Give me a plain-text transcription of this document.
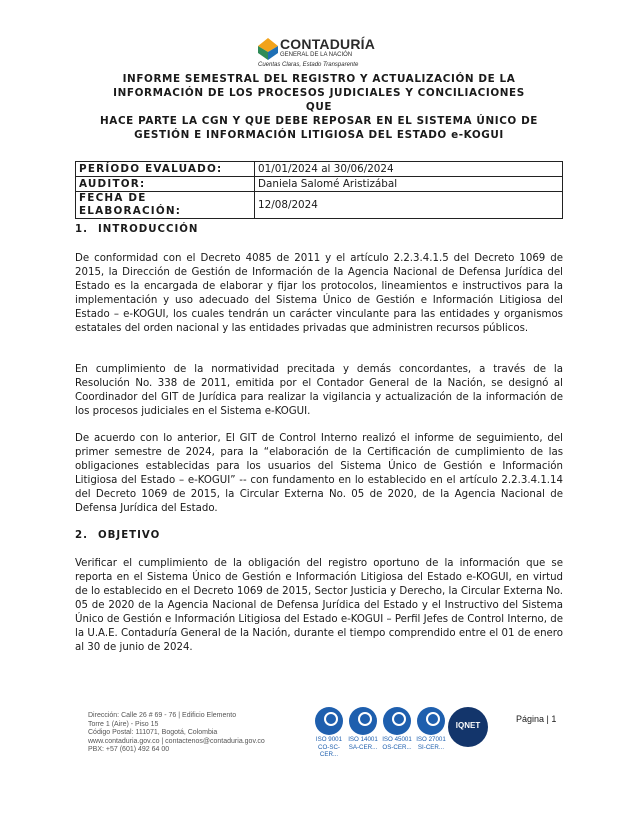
CONTADURÍA
GENERAL DE LA NACIÓN
Cuentas Claras, Estado Transparente
INFORME SEMESTRAL DEL REGISTRO Y ACTUALIZACIÓN DE LA
INFORMACIÓN DE LOS PROCESOS JUDICIALES Y CONCILIACIONES QUE
HACE PARTE LA CGN Y QUE DEBE REPOSAR EN EL SISTEMA ÚNICO DE
GESTIÓN E INFORMACIÓN LITIGIOSA DEL ESTADO e-KOGUI
PERÍODO EVALUADO:	01/01/2024 al 30/06/2024
AUDITOR:	Daniela Salomé Aristizábal
FECHA DE ELABORACIÓN:	12/08/2024
1. INTRODUCCIÓN

De conformidad con el Decreto 4085 de 2011 y el artículo 2.2.3.4.1.5 del Decreto 1069 de 2015, la Dirección de Gestión de Información de la Agencia Nacional de Defensa Jurídica del Estado es la encargada de elaborar y fijar los protocolos, lineamientos e instructivos para la implementación y uso adecuado del Sistema Único de Gestión e Información Litigiosa del Estado – e-KOGUI, los cuales tendrán un carácter vinculante para las entidades y organismos estatales del orden nacional y las entidades privadas que administren recursos públicos.

En cumplimiento de la normatividad precitada y demás concordantes, a través de la Resolución No. 338 de 2011, emitida por el Contador General de la Nación, se designó al Coordinador del GIT de Jurídica para realizar la vigilancia y actualización de la información de los procesos judiciales en el Sistema e-KOGUI.

De acuerdo con lo anterior, El GIT de Control Interno realizó el informe de seguimiento, del primer semestre de 2024, para la “elaboración de la Certificación de cumplimiento de las obligaciones establecidas para los usuarios del Sistema Único de Gestión e Información Litigiosa del Estado – e-KOGUI” -- con fundamento en lo establecido en el artículo 2.2.3.4.1.14 del Decreto 1069 de 2015, la Circular Externa No. 05 de 2020, de la Agencia Nacional de Defensa Jurídica del Estado.

2. OBJETIVO

Verificar el cumplimiento de la obligación del registro oportuno de la información que se reporta en el Sistema Único de Gestión e Información Litigiosa del Estado e-KOGUI, en virtud de lo establecido en el Decreto 1069 de 2015, Sector Justicia y Derecho, la Circular Externa No. 05 de 2020 de la Agencia Nacional de Defensa Jurídica del Estado y el Instructivo del Sistema Único de Gestión e Información Litigiosa del Estado e-KOGUI – Perfil Jefes de Control Interno, de la U.A.E. Contaduría General de la Nación, durante el tiempo comprendido entre el 01 de enero al 30 de junio de 2024.

Dirección: Calle 26 # 69 - 76 | Edificio Elemento
Torre 1 (Aire) - Piso 15
Código Postal: 111071, Bogotá, Colombia
www.contaduria.gov.co | contactenos@contaduria.gov.co
PBX: +57 (601) 492 64 00
ISO 9001
CO-SC-CER...
ISO 14001
SA-CER...
ISO 45001
OS-CER...
ISO 27001
SI-CER...
IQNET
Página | 1
